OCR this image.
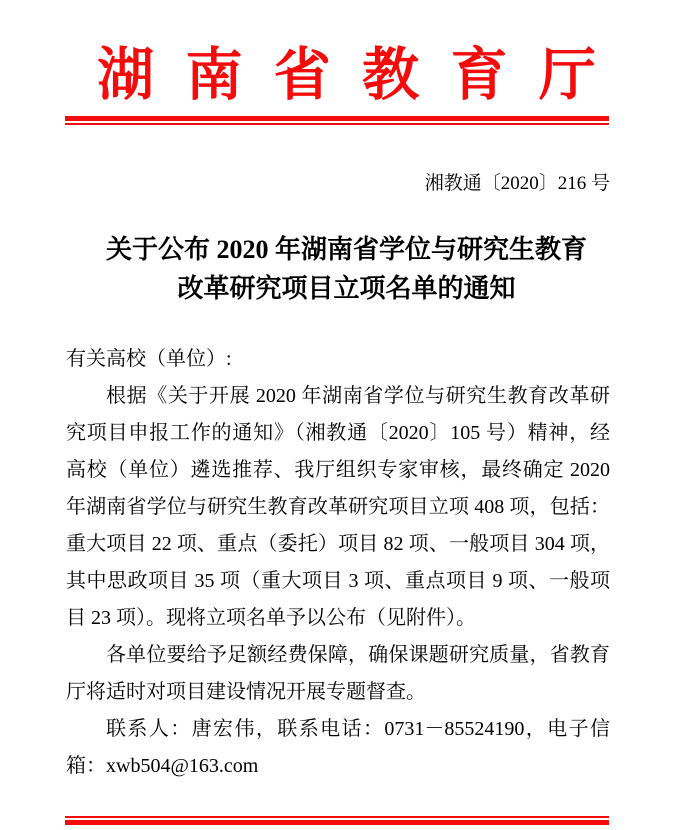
湖南省教育厅
湘教通〔2020〕216 号
关于公布 2020 年湖南省学位与研究生教育
改革研究项目立项名单的通知

有关高校（单位）:

根据《关于开展 2020 年湖南省学位与研究生教育改革研究项目申报工作的通知》（湘教通〔2020〕105 号）精神，经高校（单位）遴选推荐、我厅组织专家审核，最终确定 2020 年湖南省学位与研究生教育改革研究项目立项 408 项，包括：重大项目 22 项、重点（委托）项目 82 项、一般项目 304 项，其中思政项目 35 项（重大项目 3 项、重点项目 9 项、一般项目 23 项）。现将立项名单予以公布（见附件）。

各单位要给予足额经费保障，确保课题研究质量，省教育厅将适时对项目建设情况开展专题督查。

联系人：唐宏伟，联系电话：0731－85524190，电子信箱：xwb504@163.com
